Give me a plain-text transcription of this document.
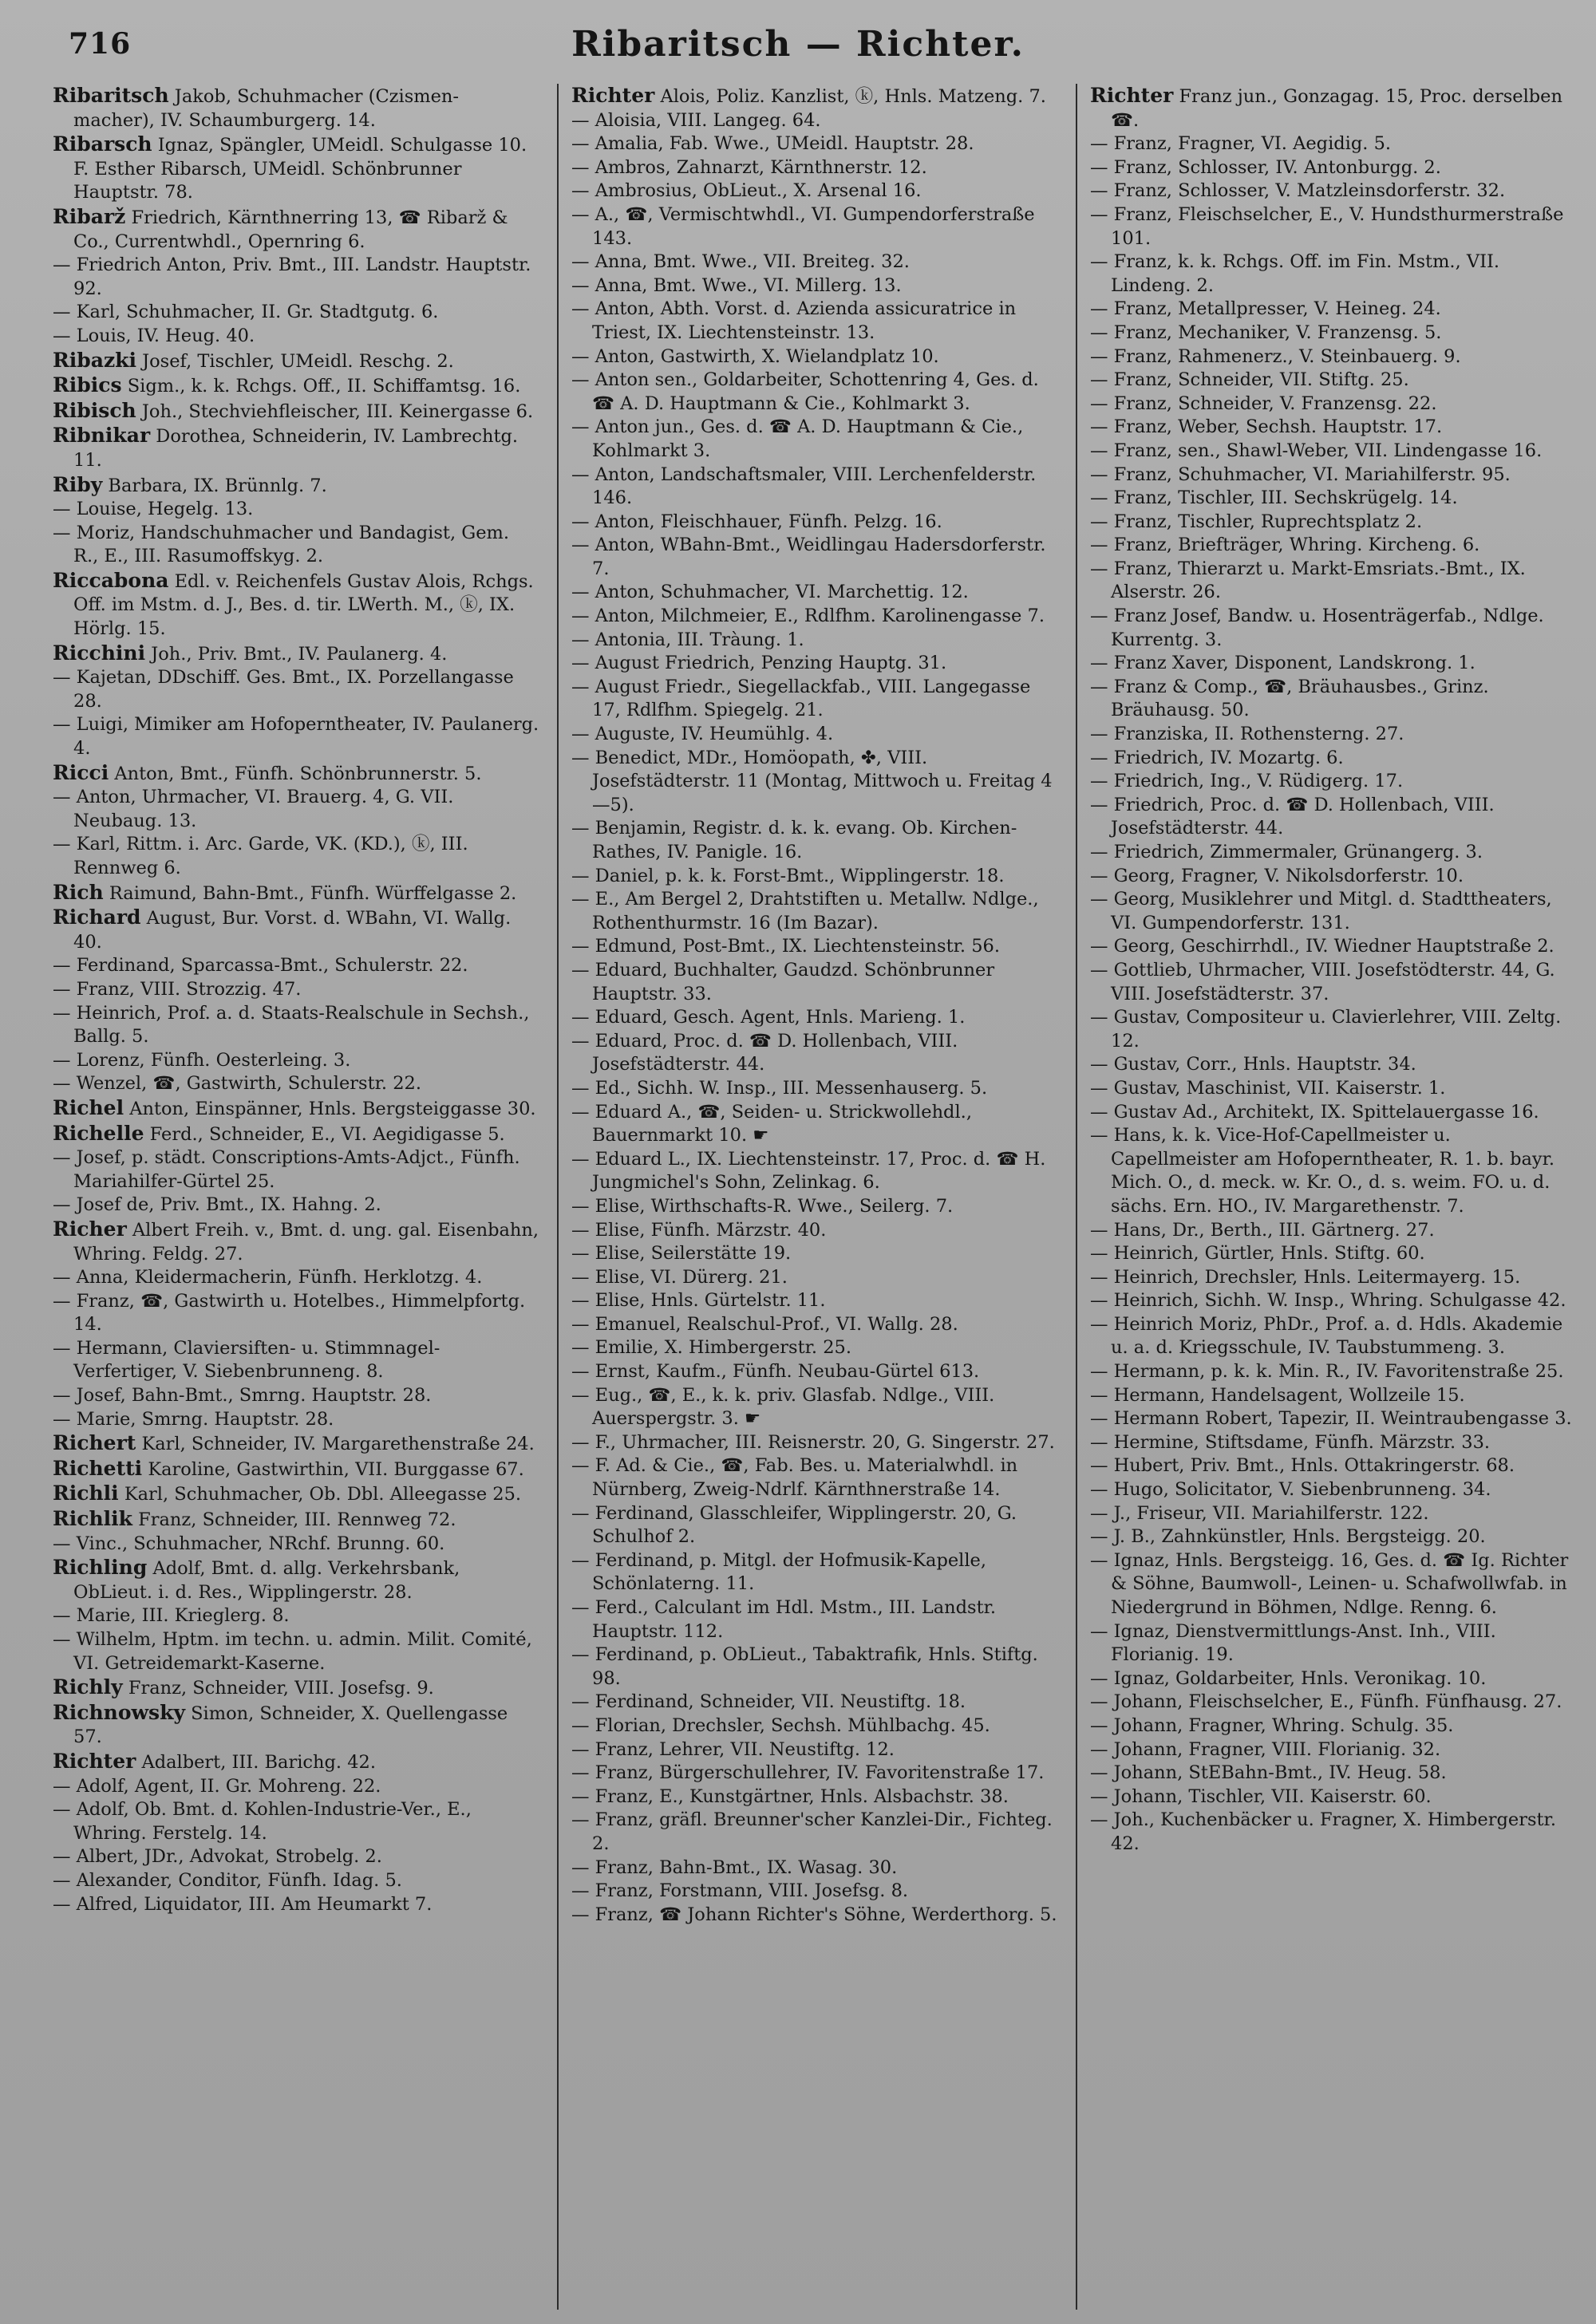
716	Ribaritsch — Richter.

Ribaritsch Jakob, Schuhmacher (Czismen-macher), IV. Schaumburgerg. 14.

Ribarsch Ignaz, Spängler, UMeidl. Schulgasse 10. F. Esther Ribarsch, UMeidl. Schönbrunner Hauptstr. 78.

Ribarž Friedrich, Kärnthnerring 13, ☎ Ribarž & Co., Currentwhdl., Opernring 6.

— Friedrich Anton, Priv. Bmt., III. Landstr. Hauptstr. 92.

— Karl, Schuhmacher, II. Gr. Stadtgutg. 6.

— Louis, IV. Heug. 40.

Ribazki Josef, Tischler, UMeidl. Reschg. 2.

Ribics Sigm., k. k. Rchgs. Off., II. Schiffamtsg. 16.

Ribisch Joh., Stechviehfleischer, III. Keinergasse 6.

Ribnikar Dorothea, Schneiderin, IV. Lambrechtg. 11.

Riby Barbara, IX. Brünnlg. 7.

— Louise, Hegelg. 13.

— Moriz, Handschuhmacher und Bandagist, Gem. R., E., III. Rasumoffskyg. 2.

Riccabona Edl. v. Reichenfels Gustav Alois, Rchgs. Off. im Mstm. d. J., Bes. d. tir. LWerth. M., ⓚ, IX. Hörlg. 15.

Ricchini Joh., Priv. Bmt., IV. Paulanerg. 4.

— Kajetan, DDschiff. Ges. Bmt., IX. Porzellangasse 28.

— Luigi, Mimiker am Hofoperntheater, IV. Paulanerg. 4.

Ricci Anton, Bmt., Fünfh. Schönbrunnerstr. 5.

— Anton, Uhrmacher, VI. Brauerg. 4, G. VII. Neubaug. 13.

— Karl, Rittm. i. Arc. Garde, VK. (KD.), ⓚ, III. Rennweg 6.

Rich Raimund, Bahn-Bmt., Fünfh. Würffelgasse 2.

Richard August, Bur. Vorst. d. WBahn, VI. Wallg. 40.

— Ferdinand, Sparcassa-Bmt., Schulerstr. 22.

— Franz, VIII. Strozzig. 47.

— Heinrich, Prof. a. d. Staats-Realschule in Sechsh., Ballg. 5.

— Lorenz, Fünfh. Oesterleing. 3.

— Wenzel, ☎, Gastwirth, Schulerstr. 22.

Richel Anton, Einspänner, Hnls. Bergsteiggasse 30.

Richelle Ferd., Schneider, E., VI. Aegidigasse 5.

— Josef, p. städt. Conscriptions-Amts-Adjct., Fünfh. Mariahilfer-Gürtel 25.

— Josef de, Priv. Bmt., IX. Hahng. 2.

Richer Albert Freih. v., Bmt. d. ung. gal. Eisenbahn, Whring. Feldg. 27.

— Anna, Kleidermacherin, Fünfh. Herklotzg. 4.

— Franz, ☎, Gastwirth u. Hotelbes., Himmelpfortg. 14.

— Hermann, Claviersiften- u. Stimmnagel-Verfertiger, V. Siebenbrunneng. 8.

— Josef, Bahn-Bmt., Smrng. Hauptstr. 28.

— Marie, Smrng. Hauptstr. 28.

Richert Karl, Schneider, IV. Margarethenstraße 24.

Richetti Karoline, Gastwirthin, VII. Burggasse 67.

Richli Karl, Schuhmacher, Ob. Dbl. Alleegasse 25.

Richlik Franz, Schneider, III. Rennweg 72.

— Vinc., Schuhmacher, NRchf. Brunng. 60.

Richling Adolf, Bmt. d. allg. Verkehrsbank, ObLieut. i. d. Res., Wipplingerstr. 28.

— Marie, III. Krieglerg. 8.

— Wilhelm, Hptm. im techn. u. admin. Milit. Comité, VI. Getreidemarkt-Kaserne.

Richly Franz, Schneider, VIII. Josefsg. 9.

Richnowsky Simon, Schneider, X. Quellengasse 57.

Richter Adalbert, III. Barichg. 42.

— Adolf, Agent, II. Gr. Mohreng. 22.

— Adolf, Ob. Bmt. d. Kohlen-Industrie-Ver., E., Whring. Ferstelg. 14.

— Albert, JDr., Advokat, Strobelg. 2.

— Alexander, Conditor, Fünfh. Idag. 5.

— Alfred, Liquidator, III. Am Heumarkt 7.

Richter Alois, Poliz. Kanzlist, ⓚ, Hnls. Matzeng. 7.

— Aloisia, VIII. Langeg. 64.

— Amalia, Fab. Wwe., UMeidl. Hauptstr. 28.

— Ambros, Zahnarzt, Kärnthnerstr. 12.

— Ambrosius, ObLieut., X. Arsenal 16.

— A., ☎, Vermischtwhdl., VI. Gumpendorferstraße 143.

— Anna, Bmt. Wwe., VII. Breiteg. 32.

— Anna, Bmt. Wwe., VI. Millerg. 13.

— Anton, Abth. Vorst. d. Azienda assicuratrice in Triest, IX. Liechtensteinstr. 13.

— Anton, Gastwirth, X. Wielandplatz 10.

— Anton sen., Goldarbeiter, Schottenring 4, Ges. d. ☎ A. D. Hauptmann & Cie., Kohlmarkt 3.

— Anton jun., Ges. d. ☎ A. D. Hauptmann & Cie., Kohlmarkt 3.

— Anton, Landschaftsmaler, VIII. Lerchenfelderstr. 146.

— Anton, Fleischhauer, Fünfh. Pelzg. 16.

— Anton, WBahn-Bmt., Weidlingau Hadersdorferstr. 7.

— Anton, Schuhmacher, VI. Marchettig. 12.

— Anton, Milchmeier, E., Rdlfhm. Karolinengasse 7.

— Antonia, III. Tràung. 1.

— August Friedrich, Penzing Hauptg. 31.

— August Friedr., Siegellackfab., VIII. Langegasse 17, Rdlfhm. Spiegelg. 21.

— Auguste, IV. Heumühlg. 4.

— Benedict, MDr., Homöopath, ✤, VIII. Josefstädterstr. 11 (Montag, Mittwoch u. Freitag 4—5).

— Benjamin, Registr. d. k. k. evang. Ob. Kirchen-Rathes, IV. Panigle. 16.

— Daniel, p. k. k. Forst-Bmt., Wipplingerstr. 18.

— E., Am Bergel 2, Drahtstiften u. Metallw. Ndlge., Rothenthurmstr. 16 (Im Bazar).

— Edmund, Post-Bmt., IX. Liechtensteinstr. 56.

— Eduard, Buchhalter, Gaudzd. Schönbrunner Hauptstr. 33.

— Eduard, Gesch. Agent, Hnls. Marieng. 1.

— Eduard, Proc. d. ☎ D. Hollenbach, VIII. Josefstädterstr. 44.

— Ed., Sichh. W. Insp., III. Messenhauserg. 5.

— Eduard A., ☎, Seiden- u. Strickwollehdl., Bauernmarkt 10. ☛

— Eduard L., IX. Liechtensteinstr. 17, Proc. d. ☎ H. Jungmichel's Sohn, Zelinkag. 6.

— Elise, Wirthschafts-R. Wwe., Seilerg. 7.

— Elise, Fünfh. Märzstr. 40.

— Elise, Seilerstätte 19.

— Elise, VI. Dürerg. 21.

— Elise, Hnls. Gürtelstr. 11.

— Emanuel, Realschul-Prof., VI. Wallg. 28.

— Emilie, X. Himbergerstr. 25.

— Ernst, Kaufm., Fünfh. Neubau-Gürtel 613.

— Eug., ☎, E., k. k. priv. Glasfab. Ndlge., VIII. Auerspergstr. 3. ☛

— F., Uhrmacher, III. Reisnerstr. 20, G. Singerstr. 27.

— F. Ad. & Cie., ☎, Fab. Bes. u. Materialwhdl. in Nürnberg, Zweig-Ndrlf. Kärnthnerstraße 14.

— Ferdinand, Glasschleifer, Wipplingerstr. 20, G. Schulhof 2.

— Ferdinand, p. Mitgl. der Hofmusik-Kapelle, Schönlaterng. 11.

— Ferd., Calculant im Hdl. Mstm., III. Landstr. Hauptstr. 112.

— Ferdinand, p. ObLieut., Tabaktrafik, Hnls. Stiftg. 98.

— Ferdinand, Schneider, VII. Neustiftg. 18.

— Florian, Drechsler, Sechsh. Mühlbachg. 45.

— Franz, Lehrer, VII. Neustiftg. 12.

— Franz, Bürgerschullehrer, IV. Favoritenstraße 17.

— Franz, E., Kunstgärtner, Hnls. Alsbachstr. 38.

— Franz, gräfl. Breunner'scher Kanzlei-Dir., Fichteg. 2.

— Franz, Bahn-Bmt., IX. Wasag. 30.

— Franz, Forstmann, VIII. Josefsg. 8.

— Franz, ☎ Johann Richter's Söhne, Werderthorg. 5.

Richter Franz jun., Gonzagag. 15, Proc. derselben ☎.

— Franz, Fragner, VI. Aegidig. 5.

— Franz, Schlosser, IV. Antonburgg. 2.

— Franz, Schlosser, V. Matzleinsdorferstr. 32.

— Franz, Fleischselcher, E., V. Hundsthurmerstraße 101.

— Franz, k. k. Rchgs. Off. im Fin. Mstm., VII. Lindeng. 2.

— Franz, Metallpresser, V. Heineg. 24.

— Franz, Mechaniker, V. Franzensg. 5.

— Franz, Rahmenerz., V. Steinbauerg. 9.

— Franz, Schneider, VII. Stiftg. 25.

— Franz, Schneider, V. Franzensg. 22.

— Franz, Weber, Sechsh. Hauptstr. 17.

— Franz, sen., Shawl-Weber, VII. Lindengasse 16.

— Franz, Schuhmacher, VI. Mariahilferstr. 95.

— Franz, Tischler, III. Sechskrügelg. 14.

— Franz, Tischler, Ruprechtsplatz 2.

— Franz, Briefträger, Whring. Kircheng. 6.

— Franz, Thierarzt u. Markt-Emsriats.-Bmt., IX. Alserstr. 26.

— Franz Josef, Bandw. u. Hosenträgerfab., Ndlge. Kurrentg. 3.

— Franz Xaver, Disponent, Landskrong. 1.

— Franz & Comp., ☎, Bräuhausbes., Grinz. Bräuhausg. 50.

— Franziska, II. Rothensterng. 27.

— Friedrich, IV. Mozartg. 6.

— Friedrich, Ing., V. Rüdigerg. 17.

— Friedrich, Proc. d. ☎ D. Hollenbach, VIII. Josefstädterstr. 44.

— Friedrich, Zimmermaler, Grünangerg. 3.

— Georg, Fragner, V. Nikolsdorferstr. 10.

— Georg, Musiklehrer und Mitgl. d. Stadttheaters, VI. Gumpendorferstr. 131.

— Georg, Geschirrhdl., IV. Wiedner Hauptstraße 2.

— Gottlieb, Uhrmacher, VIII. Josefstödterstr. 44, G. VIII. Josefstädterstr. 37.

— Gustav, Compositeur u. Clavierlehrer, VIII. Zeltg. 12.

— Gustav, Corr., Hnls. Hauptstr. 34.

— Gustav, Maschinist, VII. Kaiserstr. 1.

— Gustav Ad., Architekt, IX. Spittelauergasse 16.

— Hans, k. k. Vice-Hof-Capellmeister u. Capellmeister am Hofoperntheater, R. 1. b. bayr. Mich. O., d. meck. w. Kr. O., d. s. weim. FO. u. d. sächs. Ern. HO., IV. Margarethenstr. 7.

— Hans, Dr., Berth., III. Gärtnerg. 27.

— Heinrich, Gürtler, Hnls. Stiftg. 60.

— Heinrich, Drechsler, Hnls. Leitermayerg. 15.

— Heinrich, Sichh. W. Insp., Whring. Schulgasse 42.

— Heinrich Moriz, PhDr., Prof. a. d. Hdls. Akademie u. a. d. Kriegsschule, IV. Taubstummeng. 3.

— Hermann, p. k. k. Min. R., IV. Favoritenstraße 25.

— Hermann, Handelsagent, Wollzeile 15.

— Hermann Robert, Tapezir, II. Weintraubengasse 3.

— Hermine, Stiftsdame, Fünfh. Märzstr. 33.

— Hubert, Priv. Bmt., Hnls. Ottakringerstr. 68.

— Hugo, Solicitator, V. Siebenbrunneng. 34.

— J., Friseur, VII. Mariahilferstr. 122.

— J. B., Zahnkünstler, Hnls. Bergsteigg. 20.

— Ignaz, Hnls. Bergsteigg. 16, Ges. d. ☎ Ig. Richter & Söhne, Baumwoll-, Leinen- u. Schafwollwfab. in Niedergrund in Böhmen, Ndlge. Renng. 6.

— Ignaz, Dienstvermittlungs-Anst. Inh., VIII. Florianig. 19.

— Ignaz, Goldarbeiter, Hnls. Veronikag. 10.

— Johann, Fleischselcher, E., Fünfh. Fünfhausg. 27.

— Johann, Fragner, Whring. Schulg. 35.

— Johann, Fragner, VIII. Florianig. 32.

— Johann, StEBahn-Bmt., IV. Heug. 58.

— Johann, Tischler, VII. Kaiserstr. 60.

— Joh., Kuchenbäcker u. Fragner, X. Himbergerstr. 42.
